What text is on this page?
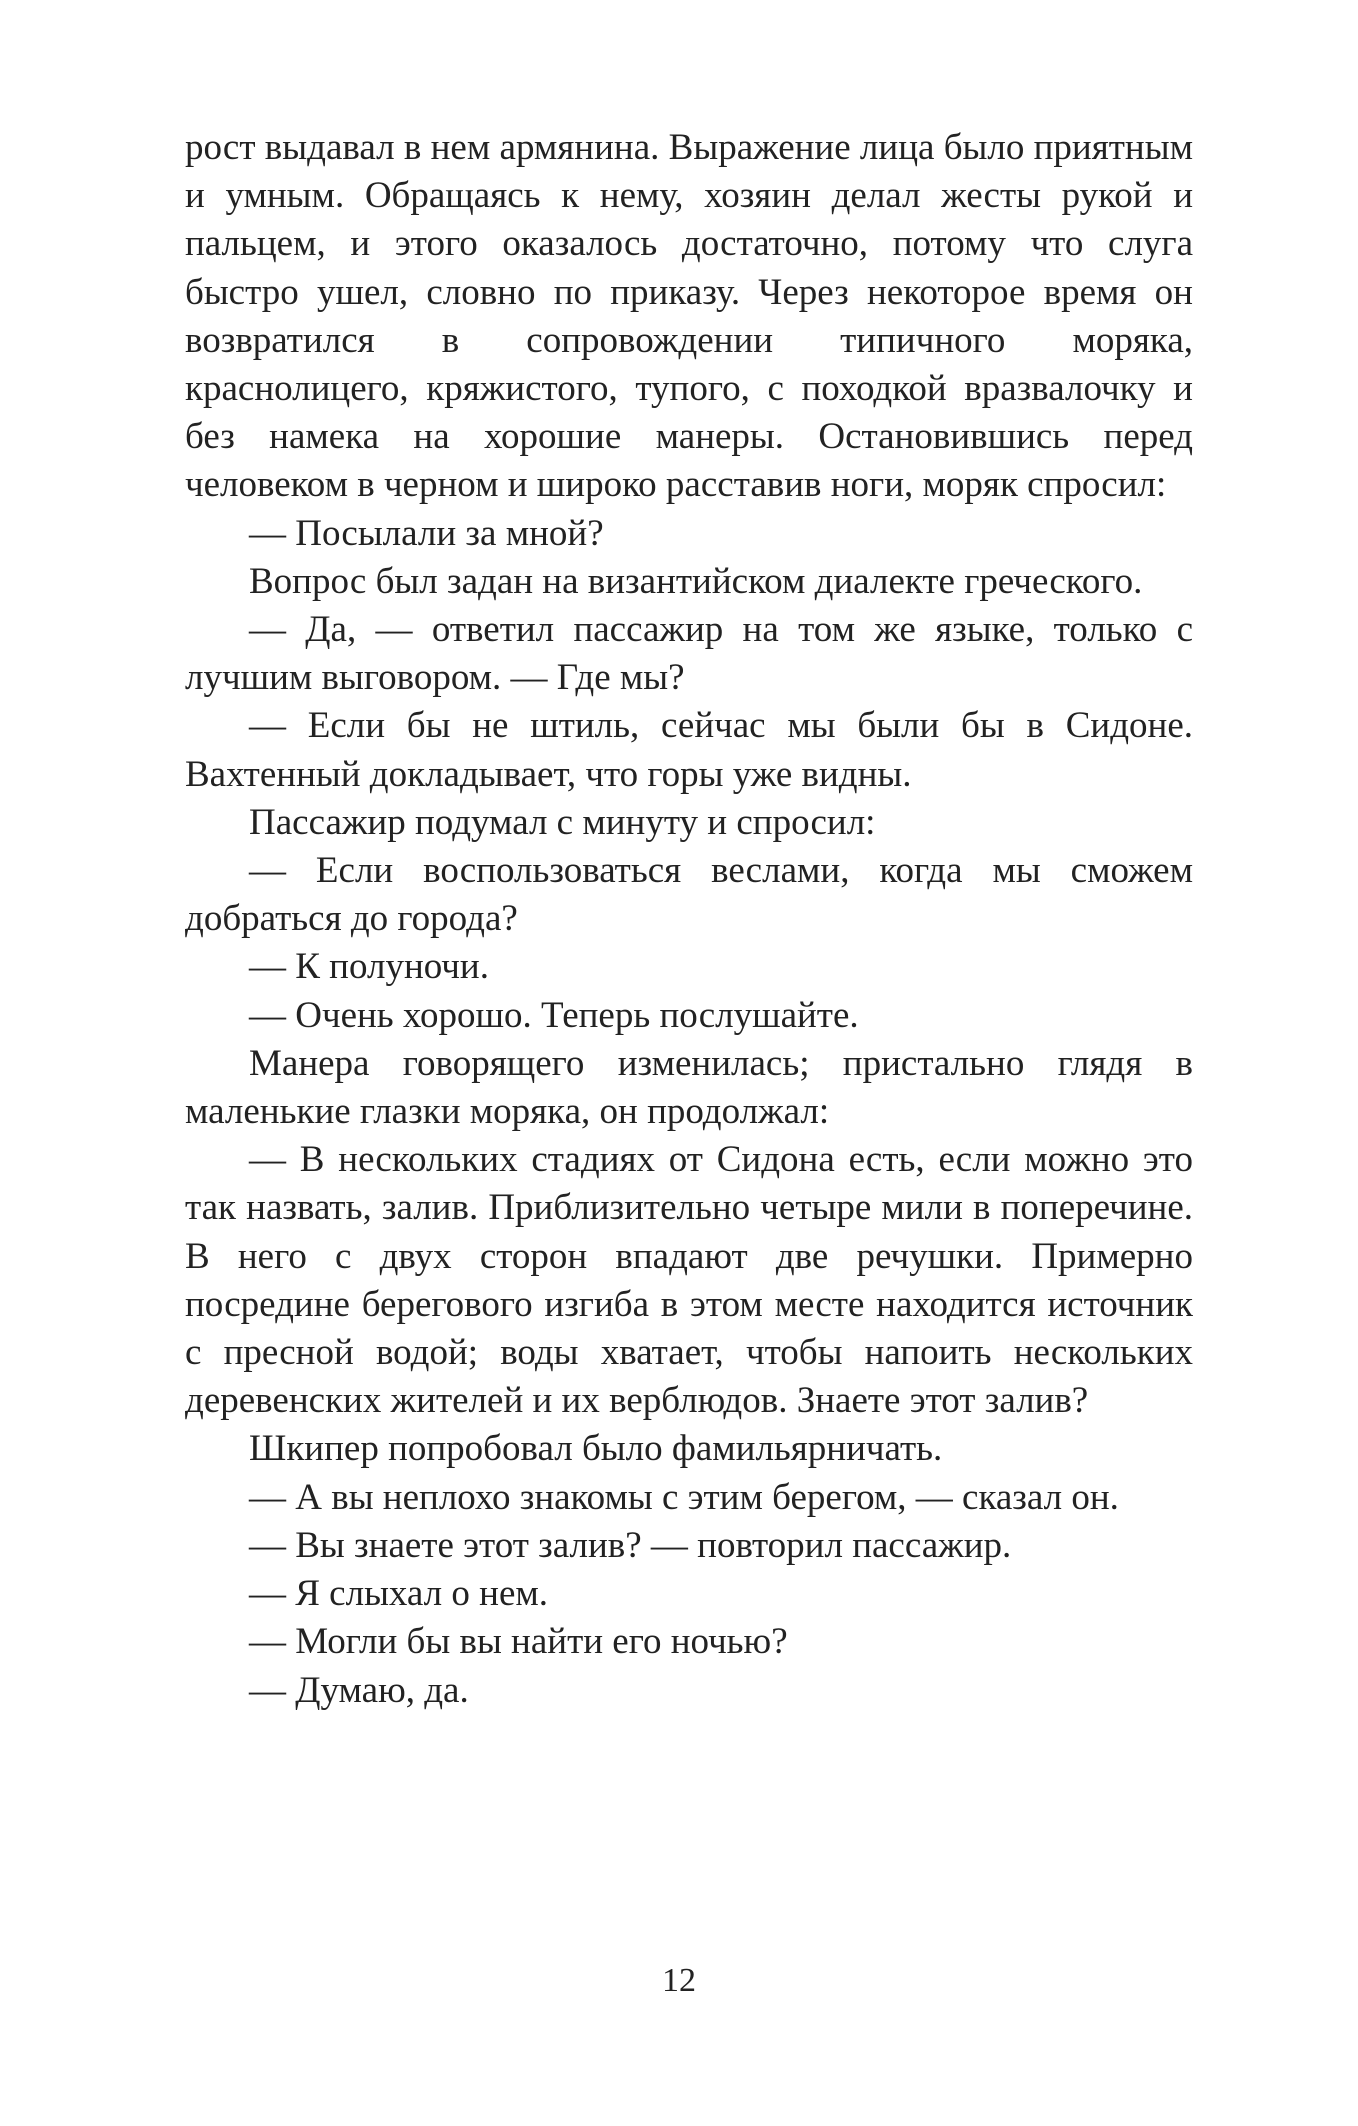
рост выдавал в нем армянина. Выражение лица было приятным и умным. Обращаясь к нему, хозяин делал жесты рукой и пальцем, и этого оказалось достаточно, потому что слуга быстро ушел, словно по приказу. Через некоторое время он возвратился в сопровождении типичного моряка, краснолицего, кряжистого, тупого, с походкой вразвалочку и без намека на хорошие манеры. Остановившись перед человеком в черном и широко расставив ноги, моряк спросил:

— Посылали за мной?

Вопрос был задан на византийском диалекте греческого.

— Да, — ответил пассажир на том же языке, только с лучшим выговором. — Где мы?

— Если бы не штиль, сейчас мы были бы в Сидоне. Вахтенный докладывает, что горы уже видны.

Пассажир подумал с минуту и спросил:

— Если воспользоваться веслами, когда мы сможем добраться до города?

— К полуночи.

— Очень хорошо. Теперь послушайте.

Манера говорящего изменилась; пристально глядя в маленькие глазки моряка, он продолжал:

— В нескольких стадиях от Сидона есть, если можно это так назвать, залив. Приблизительно четыре мили в поперечине. В него с двух сторон впадают две речушки. Примерно посредине берегового изгиба в этом месте находится источник с пресной водой; воды хватает, чтобы напоить нескольких деревенских жителей и их верблюдов. Знаете этот залив?

Шкипер попробовал было фамильярничать.

— А вы неплохо знакомы с этим берегом, — сказал он.

— Вы знаете этот залив? — повторил пассажир.

— Я слыхал о нем.

— Могли бы вы найти его ночью?

— Думаю, да.

12
